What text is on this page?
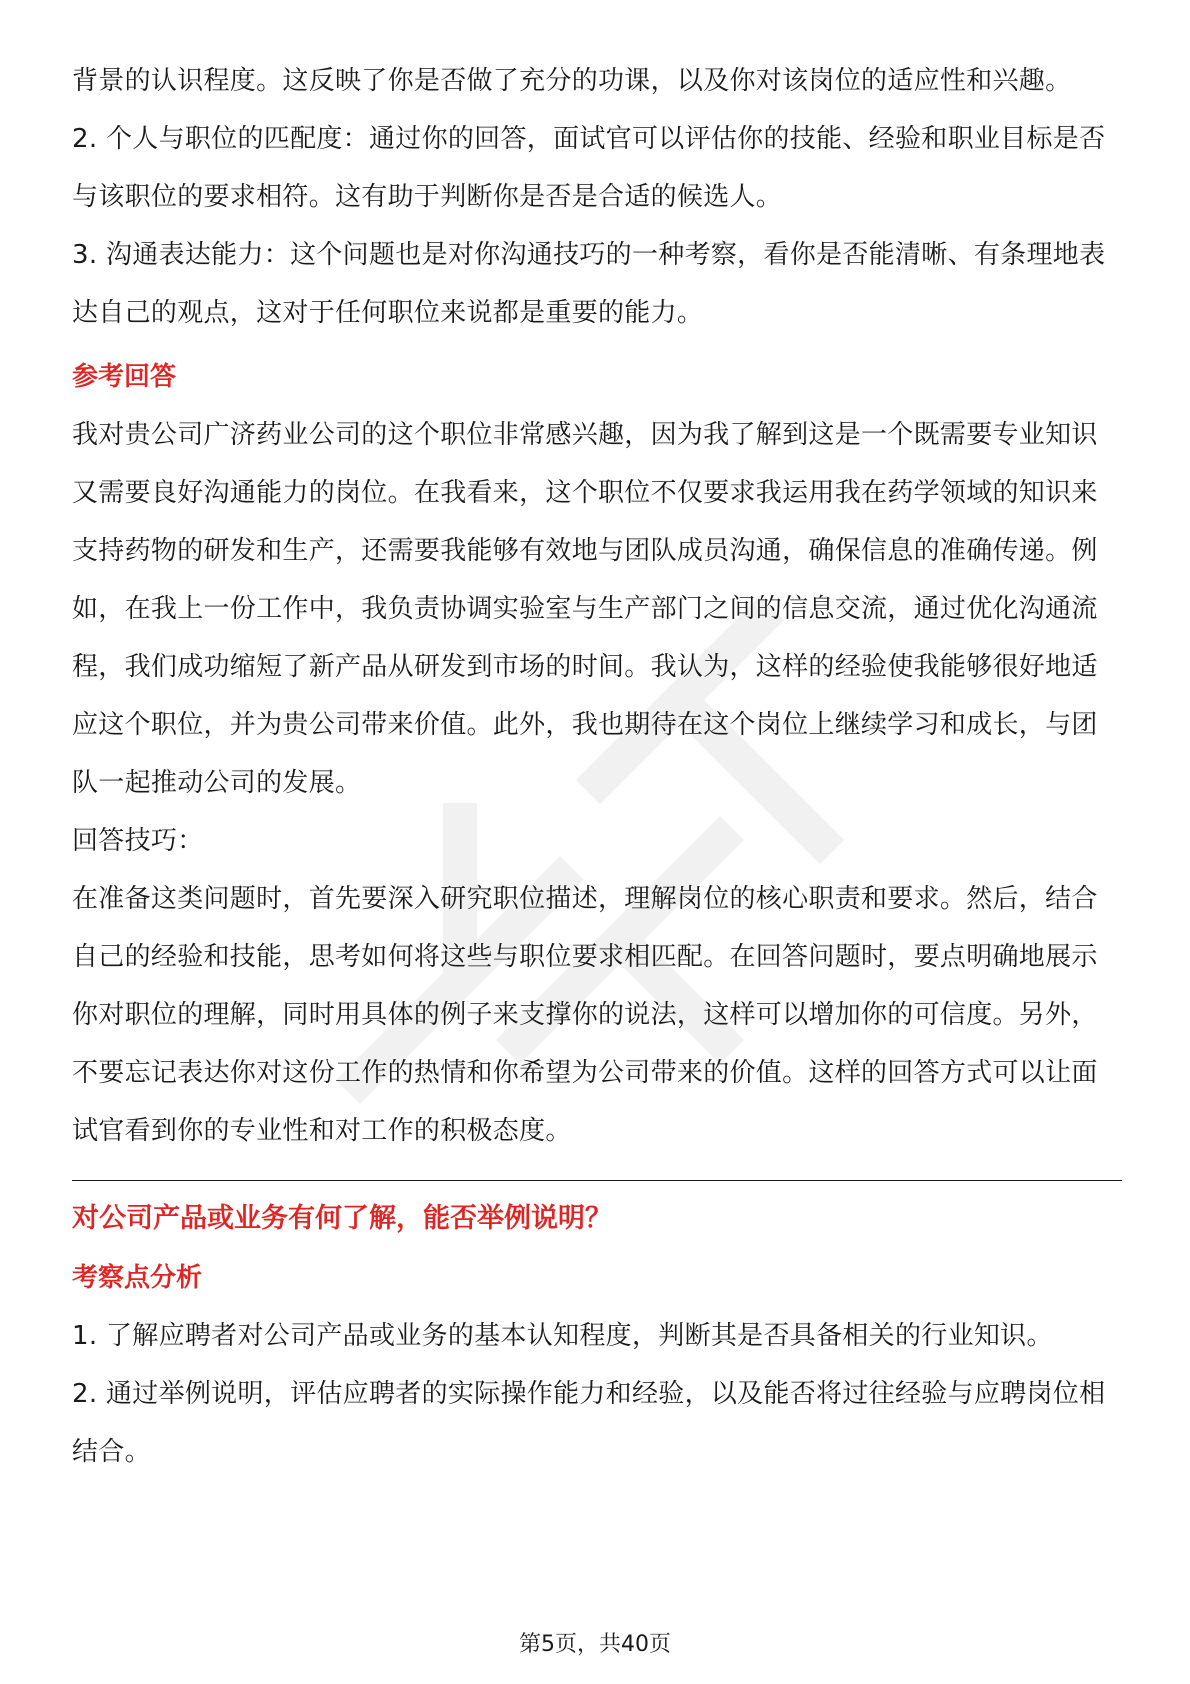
背景的认识程度。这反映了你是否做了充分的功课，以及你对该岗位的适应性和兴趣。

2. 个人与职位的匹配度：通过你的回答，面试官可以评估你的技能、经验和职业目标是否与该职位的要求相符。这有助于判断你是否是合适的候选人。

3. 沟通表达能力：这个问题也是对你沟通技巧的一种考察，看你是否能清晰、有条理地表达自己的观点，这对于任何职位来说都是重要的能力。

参考回答

我对贵公司广济药业公司的这个职位非常感兴趣，因为我了解到这是一个既需要专业知识又需要良好沟通能力的岗位。在我看来，这个职位不仅要求我运用我在药学领域的知识来支持药物的研发和生产，还需要我能够有效地与团队成员沟通，确保信息的准确传递。例如，在我上一份工作中，我负责协调实验室与生产部门之间的信息交流，通过优化沟通流程，我们成功缩短了新产品从研发到市场的时间。我认为，这样的经验使我能够很好地适应这个职位，并为贵公司带来价值。此外，我也期待在这个岗位上继续学习和成长，与团队一起推动公司的发展。

回答技巧：

在准备这类问题时，首先要深入研究职位描述，理解岗位的核心职责和要求。然后，结合自己的经验和技能，思考如何将这些与职位要求相匹配。在回答问题时，要点明确地展示你对职位的理解，同时用具体的例子来支撑你的说法，这样可以增加你的可信度。另外，不要忘记表达你对这份工作的热情和你希望为公司带来的价值。这样的回答方式可以让面试官看到你的专业性和对工作的积极态度。

对公司产品或业务有何了解，能否举例说明？

考察点分析

1. 了解应聘者对公司产品或业务的基本认知程度，判断其是否具备相关的行业知识。

2. 通过举例说明，评估应聘者的实际操作能力和经验，以及能否将过往经验与应聘岗位相结合。

第5页，共40页
